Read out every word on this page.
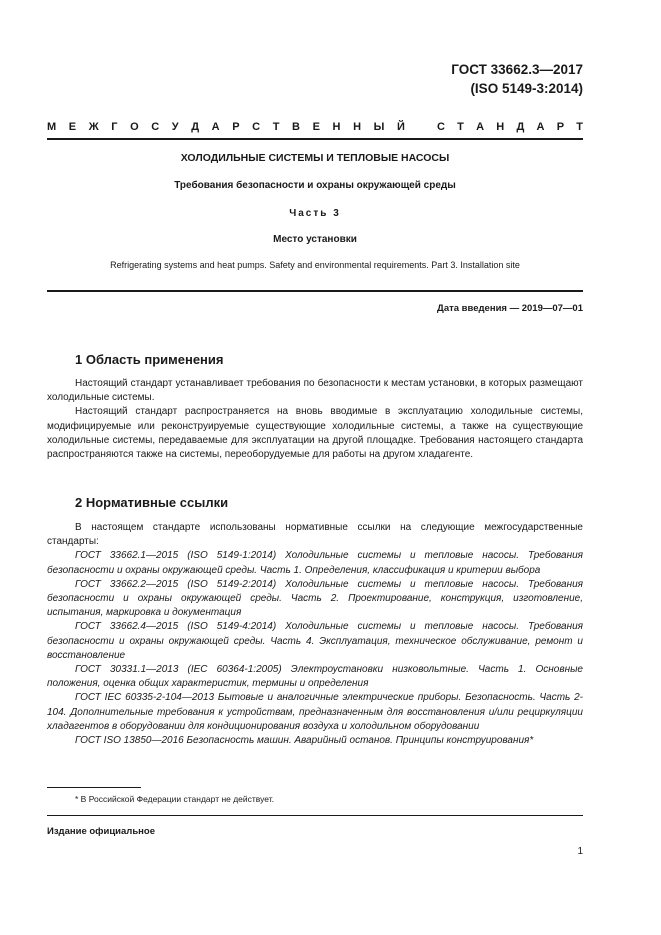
ГОСТ 33662.3—2017
(ISO 5149-3:2014)
М Е Ж Г О С У Д А Р С Т В Е Н Н Ы Й	С Т А Н Д А Р Т
ХОЛОДИЛЬНЫЕ СИСТЕМЫ И ТЕПЛОВЫЕ НАСОСЫ
Требования безопасности и охраны окружающей среды
Часть 3
Место установки
Refrigerating systems and heat pumps. Safety and environmental requirements. Part 3. Installation site
Дата введения — 2019—07—01
1 Область применения

Настоящий стандарт устанавливает требования по безопасности к местам установки, в которых размещают холодильные системы.

Настоящий стандарт распространяется на вновь вводимые в эксплуатацию холодильные системы, модифицируемые или реконструируемые существующие холодильные системы, а также на существующие холодильные системы, передаваемые для эксплуатации на другой площадке. Требования настоящего стандарта распространяются также на системы, переоборудуемые для работы на другом хладагенте.

2 Нормативные ссылки

В настоящем стандарте использованы нормативные ссылки на следующие межгосударственные стандарты:

ГОСТ 33662.1—2015 (ISO 5149-1:2014) Холодильные системы и тепловые насосы. Требования безопасности и охраны окружающей среды. Часть 1. Определения, классификация и критерии выбора

ГОСТ 33662.2—2015 (ISO 5149-2:2014) Холодильные системы и тепловые насосы. Требования безопасности и охраны окружающей среды. Часть 2. Проектирование, конструкция, изготовление, испытания, маркировка и документация

ГОСТ 33662.4—2015 (ISO 5149-4:2014) Холодильные системы и тепловые насосы. Требования безопасности и охраны окружающей среды. Часть 4. Эксплуатация, техническое обслуживание, ремонт и восстановление

ГОСТ 30331.1—2013 (IEC 60364-1:2005) Электроустановки низковольтные. Часть 1. Основные положения, оценка общих характеристик, термины и определения

ГОСТ IEC 60335-2-104—2013 Бытовые и аналогичные электрические приборы. Безопасность. Часть 2-104. Дополнительные требования к устройствам, предназначенным для восстановления и/или рециркуляции хладагентов в оборудовании для кондиционирования воздуха и холодильном оборудовании

ГОСТ ISO 13850—2016 Безопасность машин. Аварийный останов. Принципы конструирования*

* В Российской Федерации стандарт не действует.
Издание официальное
1
